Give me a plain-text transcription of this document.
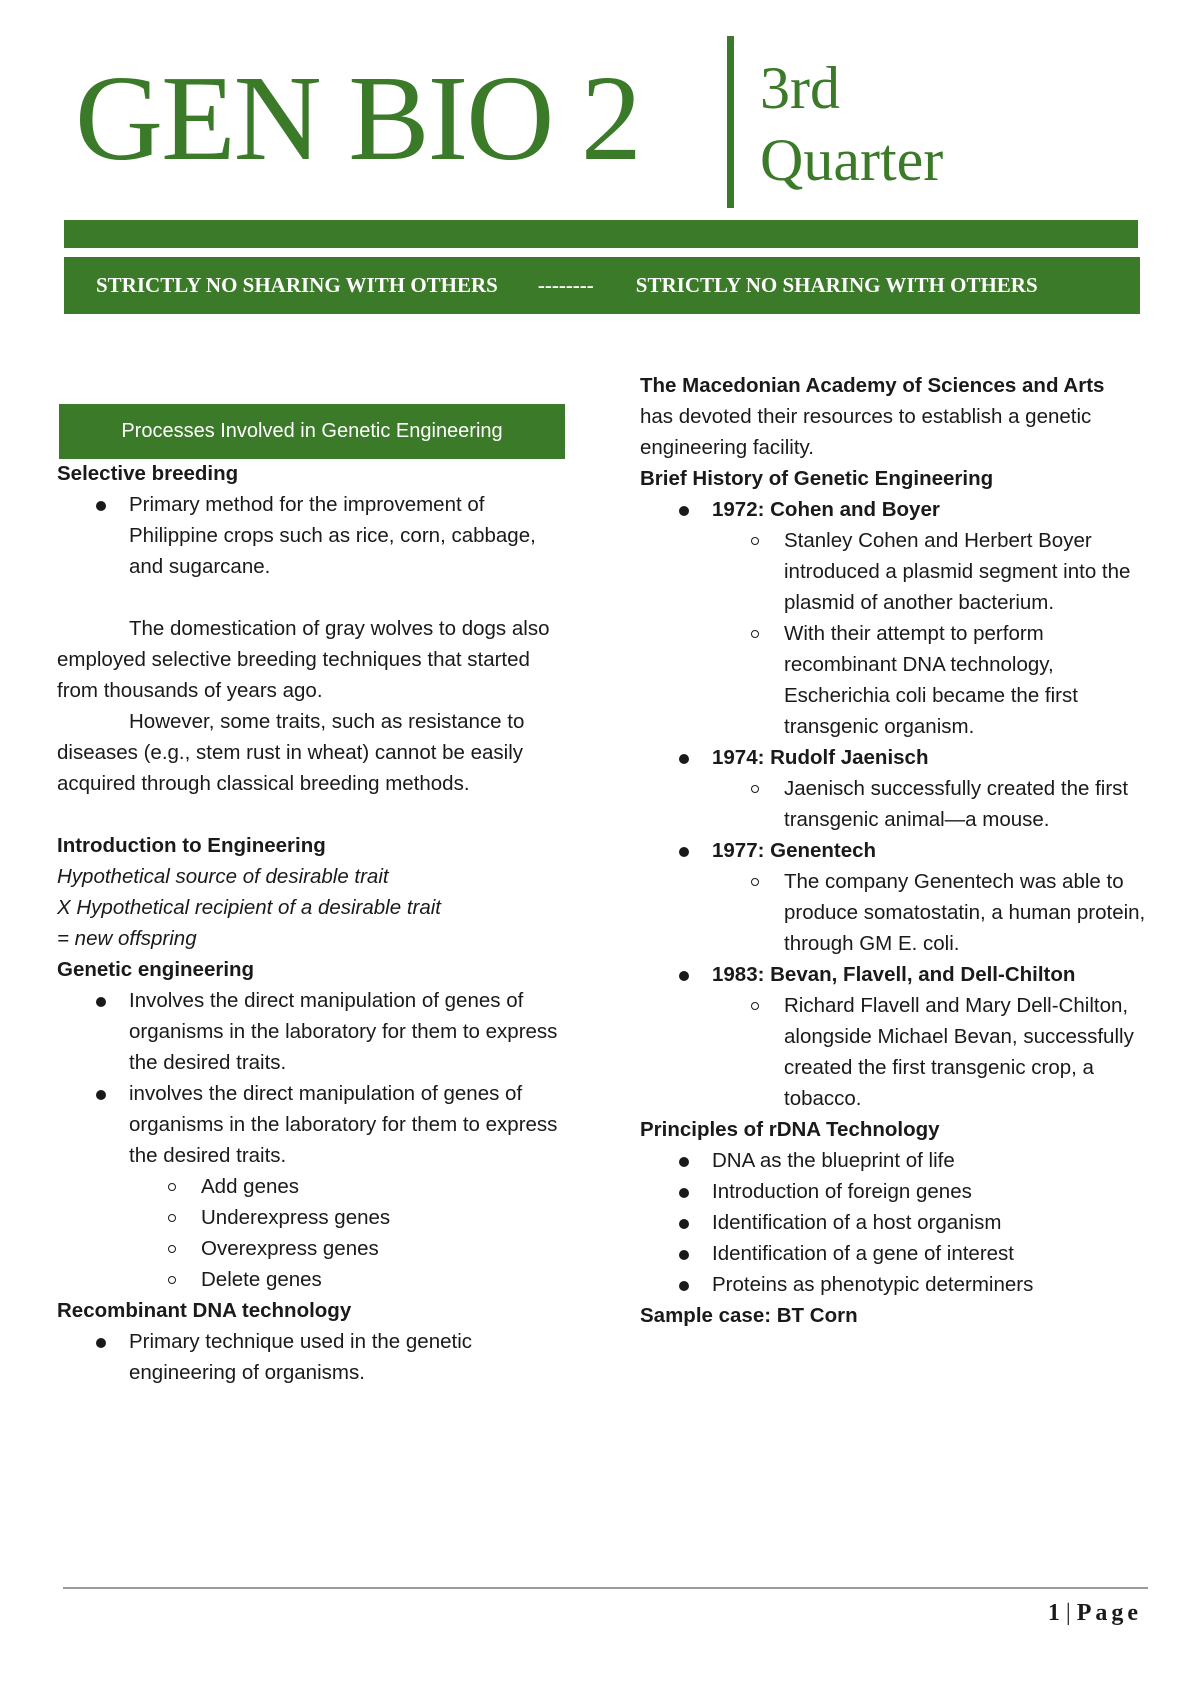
GEN BIO 2 3rd
Quarter
STRICTLY NO SHARING WITH OTHERS -------- STRICTLY NO SHARING WITH OTHERS
Processes Involved in Genetic Engineering

Selective breeding

Primary method for the improvement of Philippine crops such as rice, corn, cabbage, and sugarcane.

The domestication of gray wolves to dogs also employed selective breeding techniques that started from thousands of years ago.

However, some traits, such as resistance to diseases (e.g., stem rust in wheat) cannot be easily acquired through classical breeding methods.

Introduction to Engineering

Hypothetical source of desirable trait

X Hypothetical recipient of a desirable trait

= new offspring

Genetic engineering

Involves the direct manipulation of genes of organisms in the laboratory for them to express the desired traits.
involves the direct manipulation of genes of organisms in the laboratory for them to express the desired traits.
Add genes
Underexpress genes
Overexpress genes
Delete genes

Recombinant DNA technology

Primary technique used in the genetic engineering of organisms.

The Macedonian Academy of Sciences and Arts

has devoted their resources to establish a genetic engineering facility.

Brief History of Genetic Engineering

1972: Cohen and Boyer
Stanley Cohen and Herbert Boyer introduced a plasmid segment into the plasmid of another bacterium.
With their attempt to perform recombinant DNA technology, Escherichia coli became the first transgenic organism.
1974: Rudolf Jaenisch
Jaenisch successfully created the first transgenic animal—a mouse.
1977: Genentech
The company Genentech was able to produce somatostatin, a human protein, through GM E. coli.
1983: Bevan, Flavell, and Dell-Chilton
Richard Flavell and Mary Dell-Chilton, alongside Michael Bevan, successfully created the first transgenic crop, a tobacco.

Principles of rDNA Technology

DNA as the blueprint of life
Introduction of foreign genes
Identification of a host organism
Identification of a gene of interest
Proteins as phenotypic determiners

Sample case: BT Corn

1 | Page
